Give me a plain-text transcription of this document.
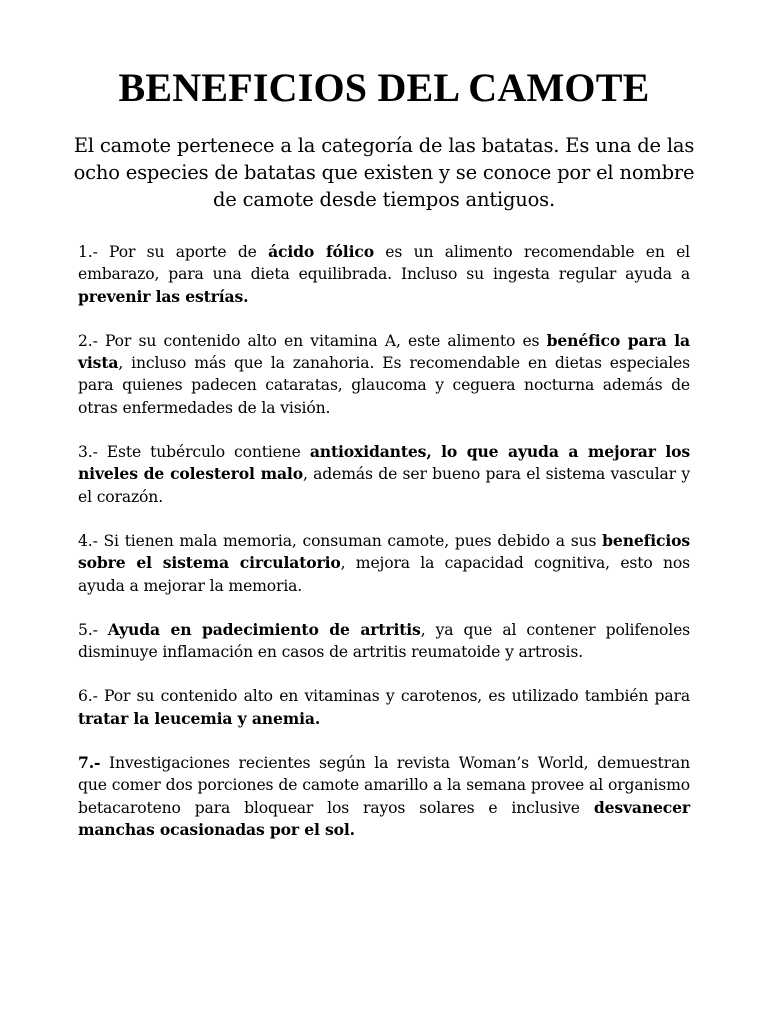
BENEFICIOS DEL CAMOTE

El camote pertenece a la categoría de las batatas. Es una de las ocho especies de batatas que existen y se conoce por el nombre de camote desde tiempos antiguos.

1.- Por su aporte de ácido fólico es un alimento recomendable en el embarazo, para una dieta equilibrada. Incluso su ingesta regular ayuda a prevenir las estrías.
2.- Por su contenido alto en vitamina A, este alimento es benéfico para la vista, incluso más que la zanahoria. Es recomendable en dietas especiales para quienes padecen cataratas, glaucoma y ceguera nocturna además de otras enfermedades de la visión.
3.- Este tubérculo contiene antioxidantes, lo que ayuda a mejorar los niveles de colesterol malo, además de ser bueno para el sistema vascular y el corazón.
4.- Si tienen mala memoria, consuman camote, pues debido a sus beneficios sobre el sistema circulatorio, mejora la capacidad cognitiva, esto nos ayuda a mejorar la memoria.
5.- Ayuda en padecimiento de artritis, ya que al contener polifenoles disminuye inflamación en casos de artritis reumatoide y artrosis.
6.- Por su contenido alto en vitaminas y carotenos, es utilizado también para tratar la leucemia y anemia.
7.- Investigaciones recientes según la revista Woman’s World, demuestran que comer dos porciones de camote amarillo a la semana provee al organismo betacaroteno para bloquear los rayos solares e inclusive desvanecer manchas ocasionadas por el sol.
